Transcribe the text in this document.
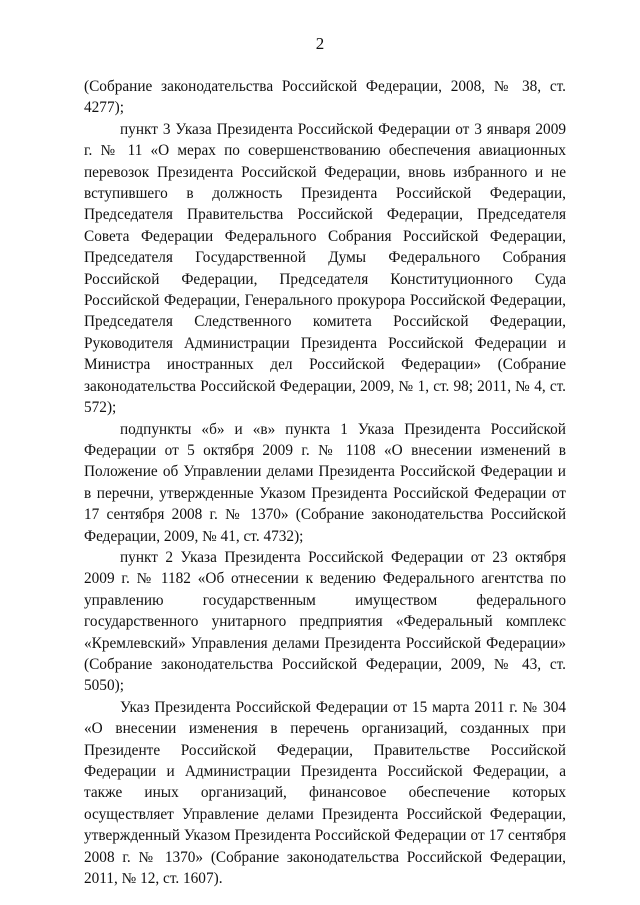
2

(Собрание законодательства Российской Федерации, 2008, № 38, ст. 4277);

пункт 3 Указа Президента Российской Федерации от 3 января 2009 г. № 11 «О мерах по совершенствованию обеспечения авиационных перевозок Президента Российской Федерации, вновь избранного и не вступившего в должность Президента Российской Федерации, Председателя Правительства Российской Федерации, Председателя Совета Федерации Федерального Собрания Российской Федерации, Председателя Государственной Думы Федерального Собрания Российской Федерации, Председателя Конституционного Суда Российской Федерации, Генерального прокурора Российской Федерации, Председателя Следственного комитета Российской Федерации, Руководителя Администрации Президента Российской Федерации и Министра иностранных дел Российской Федерации» (Собрание законодательства Российской Федерации, 2009, № 1, ст. 98; 2011, № 4, ст. 572);

подпункты «б» и «в» пункта 1 Указа Президента Российской Федерации от 5 октября 2009 г. № 1108 «О внесении изменений в Положение об Управлении делами Президента Российской Федерации и в перечни, утвержденные Указом Президента Российской Федерации от 17 сентября 2008 г. № 1370» (Собрание законодательства Российской Федерации, 2009, № 41, ст. 4732);

пункт 2 Указа Президента Российской Федерации от 23 октября 2009 г. № 1182 «Об отнесении к ведению Федерального агентства по управлению государственным имуществом федерального государственного унитарного предприятия «Федеральный комплекс «Кремлевский» Управления делами Президента Российской Федерации» (Собрание законодательства Российской Федерации, 2009, № 43, ст. 5050);

Указ Президента Российской Федерации от 15 марта 2011 г. № 304 «О внесении изменения в перечень организаций, созданных при Президенте Российской Федерации, Правительстве Российской Федерации и Администрации Президента Российской Федерации, а также иных организаций, финансовое обеспечение которых осуществляет Управление делами Президента Российской Федерации, утвержденный Указом Президента Российской Федерации от 17 сентября 2008 г. № 1370» (Собрание законодательства Российской Федерации, 2011, № 12, ст. 1607).
